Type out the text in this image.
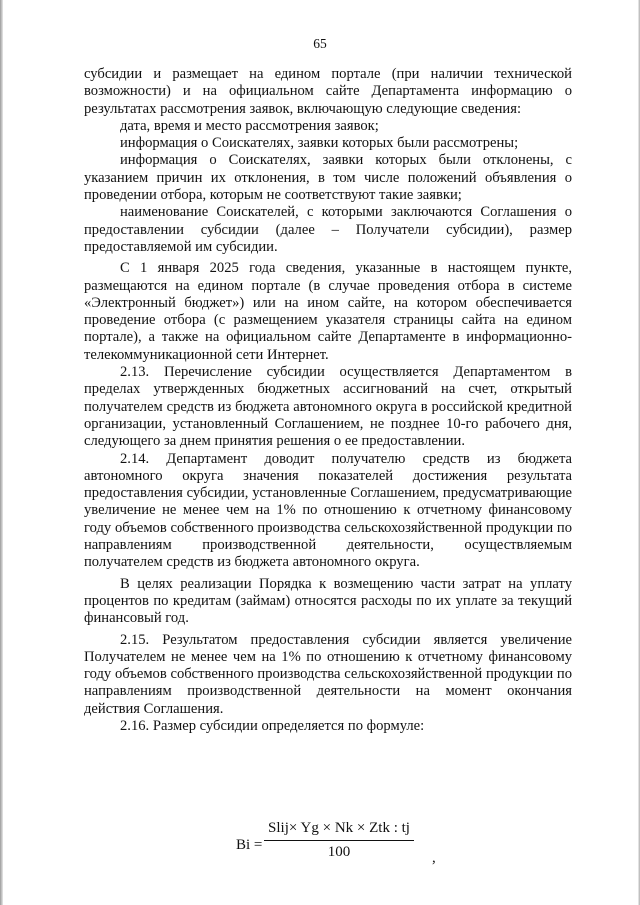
65

субсидии и размещает на едином портале (при наличии технической возможности) и на официальном сайте Департамента информацию о результатах рассмотрения заявок, включающую следующие сведения:

дата, время и место рассмотрения заявок;

информация о Соискателях, заявки которых были рассмотрены;

информация о Соискателях, заявки которых были отклонены, с указанием причин их отклонения, в том числе положений объявления о проведении отбора, которым не соответствуют такие заявки;

наименование Соискателей, с которыми заключаются Соглашения о предоставлении субсидии (далее – Получатели субсидии), размер предоставляемой им субсидии.

С 1 января 2025 года сведения, указанные в настоящем пункте, размещаются на едином портале (в случае проведения отбора в системе «Электронный бюджет») или на ином сайте, на котором обеспечивается проведение отбора (с размещением указателя страницы сайта на едином портале), а также на официальном сайте Департаменте в информационно-телекоммуникационной сети Интернет.

2.13. Перечисление субсидии осуществляется Департаментом в пределах утвержденных бюджетных ассигнований на счет, открытый получателем средств из бюджета автономного округа в российской кредитной организации, установленный Соглашением, не позднее 10-го рабочего дня, следующего за днем принятия решения о ее предоставлении.

2.14. Департамент доводит получателю средств из бюджета автономного округа значения показателей достижения результата предоставления субсидии, установленные Соглашением, предусматривающие увеличение не менее чем на 1% по отношению к отчетному финансовому году объемов собственного производства сельскохозяйственной продукции по направлениям производственной деятельности, осуществляемым получателем средств из бюджета автономного округа.

В целях реализации Порядка к возмещению части затрат на уплату процентов по кредитам (займам) относятся расходы по их уплате за текущий финансовый год.

2.15. Результатом предоставления субсидии является увеличение Получателем не менее чем на 1% по отношению к отчетному финансовому году объемов собственного производства сельскохозяйственной продукции по направлениям производственной деятельности на момент окончания действия Соглашения.

2.16. Размер субсидии определяется по формуле:

Bi =
Slij× Yg × Nk × Ztk : tj
100	,
